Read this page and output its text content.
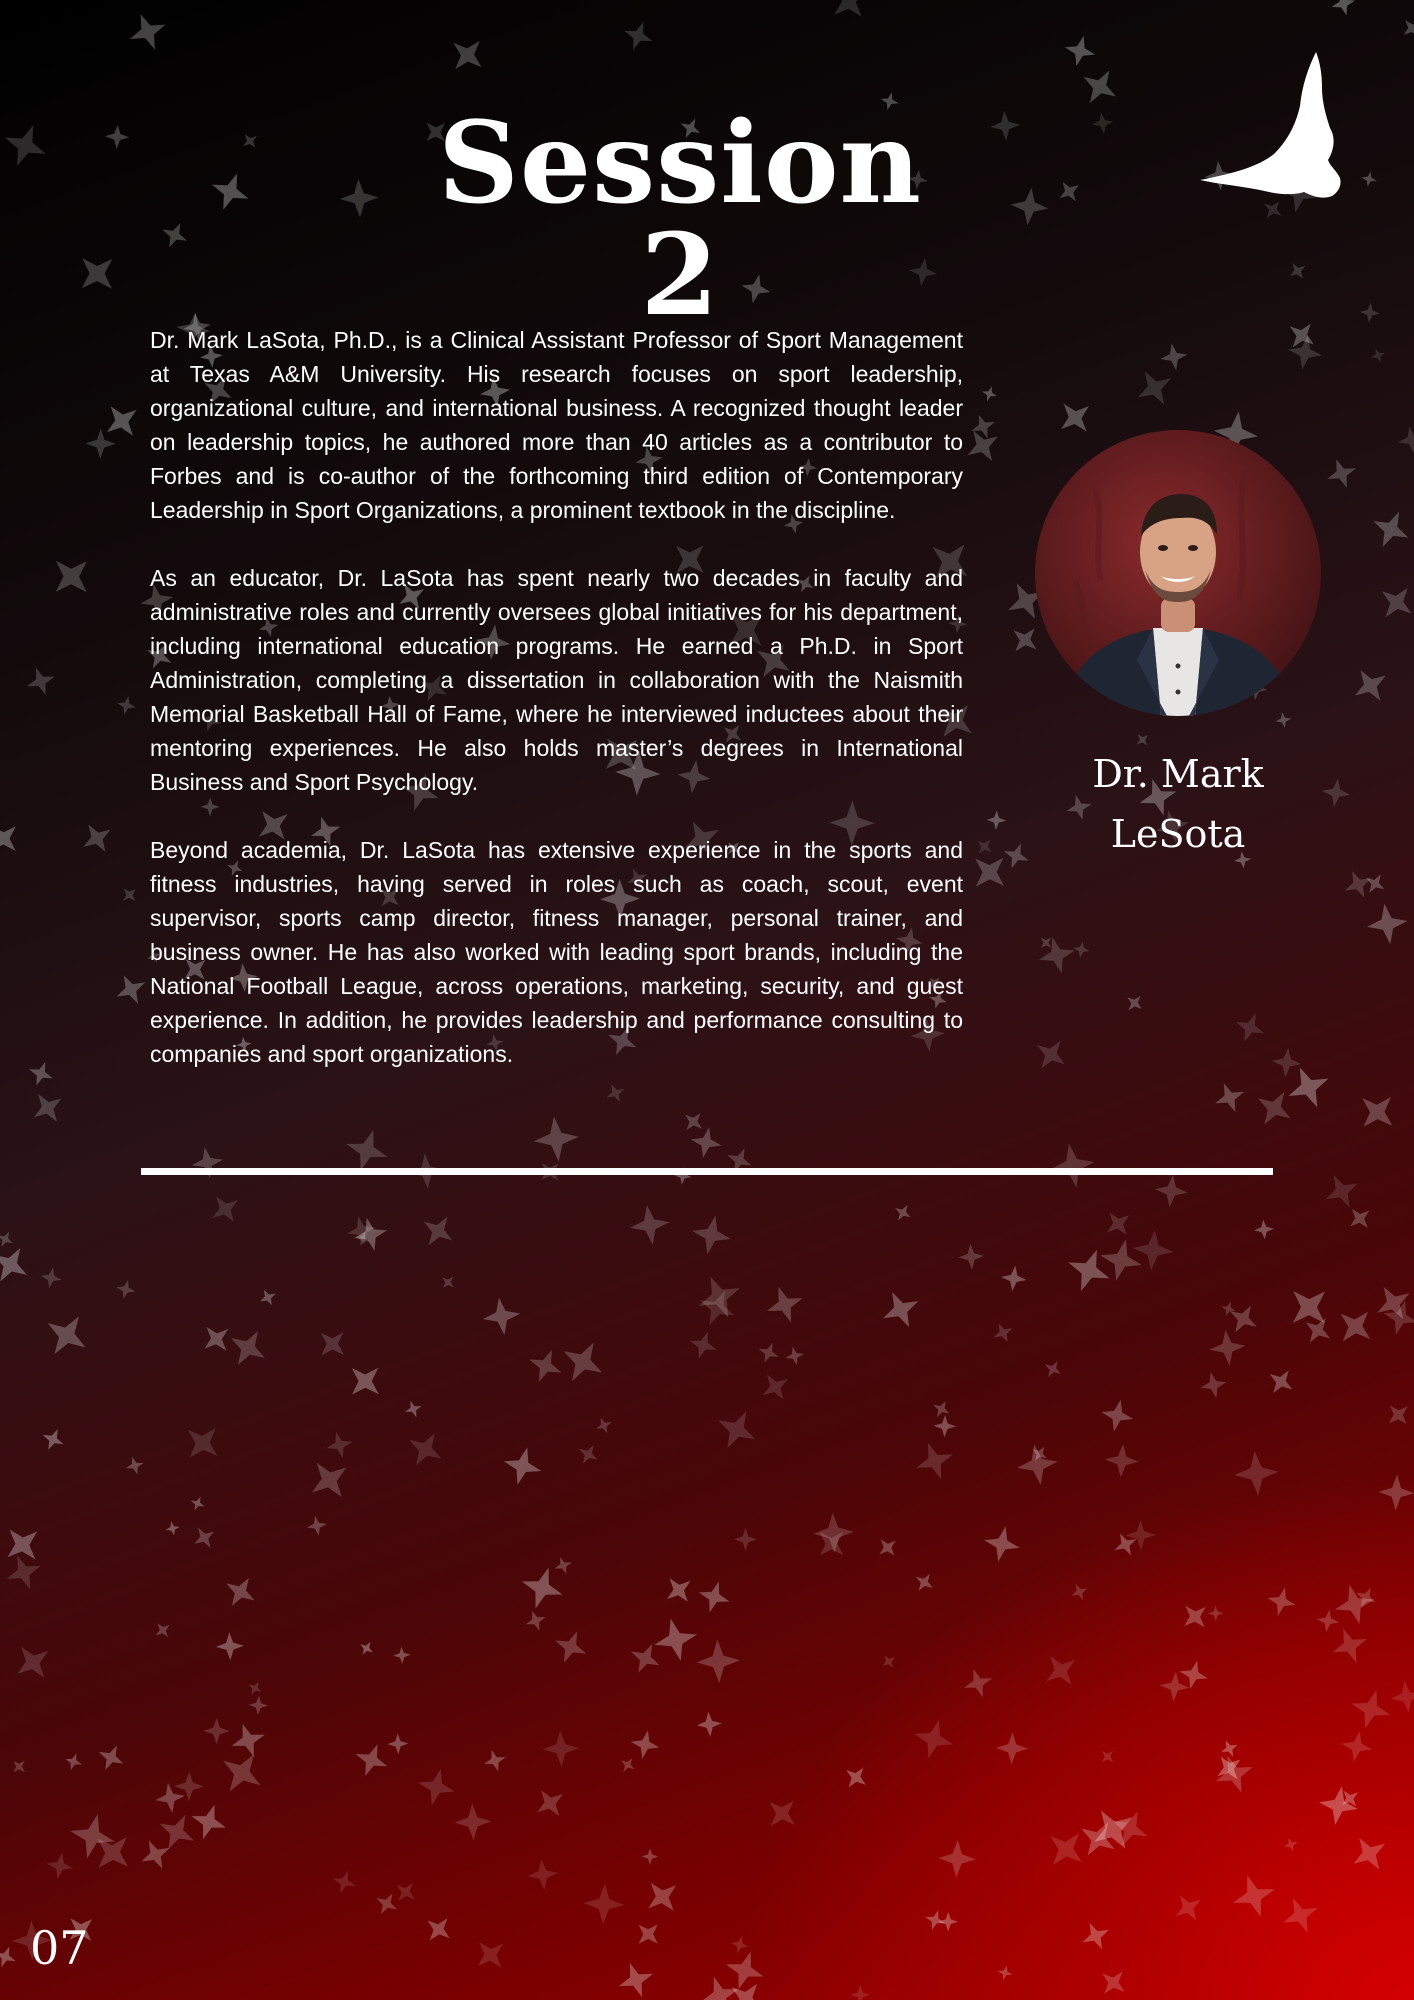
Session 2

Dr. Mark LaSota, Ph.D., is a Clinical Assistant Professor of Sport Management at Texas A&M University. His research focuses on sport leadership, organizational culture, and international business. A recognized thought leader on leadership topics, he authored more than 40 articles as a contributor to Forbes and is co-author of the forthcoming third edition of Contemporary Leadership in Sport Organizations, a prominent textbook in the discipline.

As an educator, Dr. LaSota has spent nearly two decades in faculty and administrative roles and currently oversees global initiatives for his department, including international education programs. He earned a Ph.D. in Sport Administration, completing a dissertation in collaboration with the Naismith Memorial Basketball Hall of Fame, where he interviewed inductees about their mentoring experiences. He also holds master’s degrees in International Business and Sport Psychology.

Beyond academia, Dr. LaSota has extensive experience in the sports and fitness industries, having served in roles such as coach, scout, event supervisor, sports camp director, fitness manager, personal trainer, and business owner. He has also worked with leading sport brands, including the National Football League, across operations, marketing, security, and guest experience. In addition, he provides leadership and performance consulting to companies and sport organizations.

Dr. Mark
LeSota
07
